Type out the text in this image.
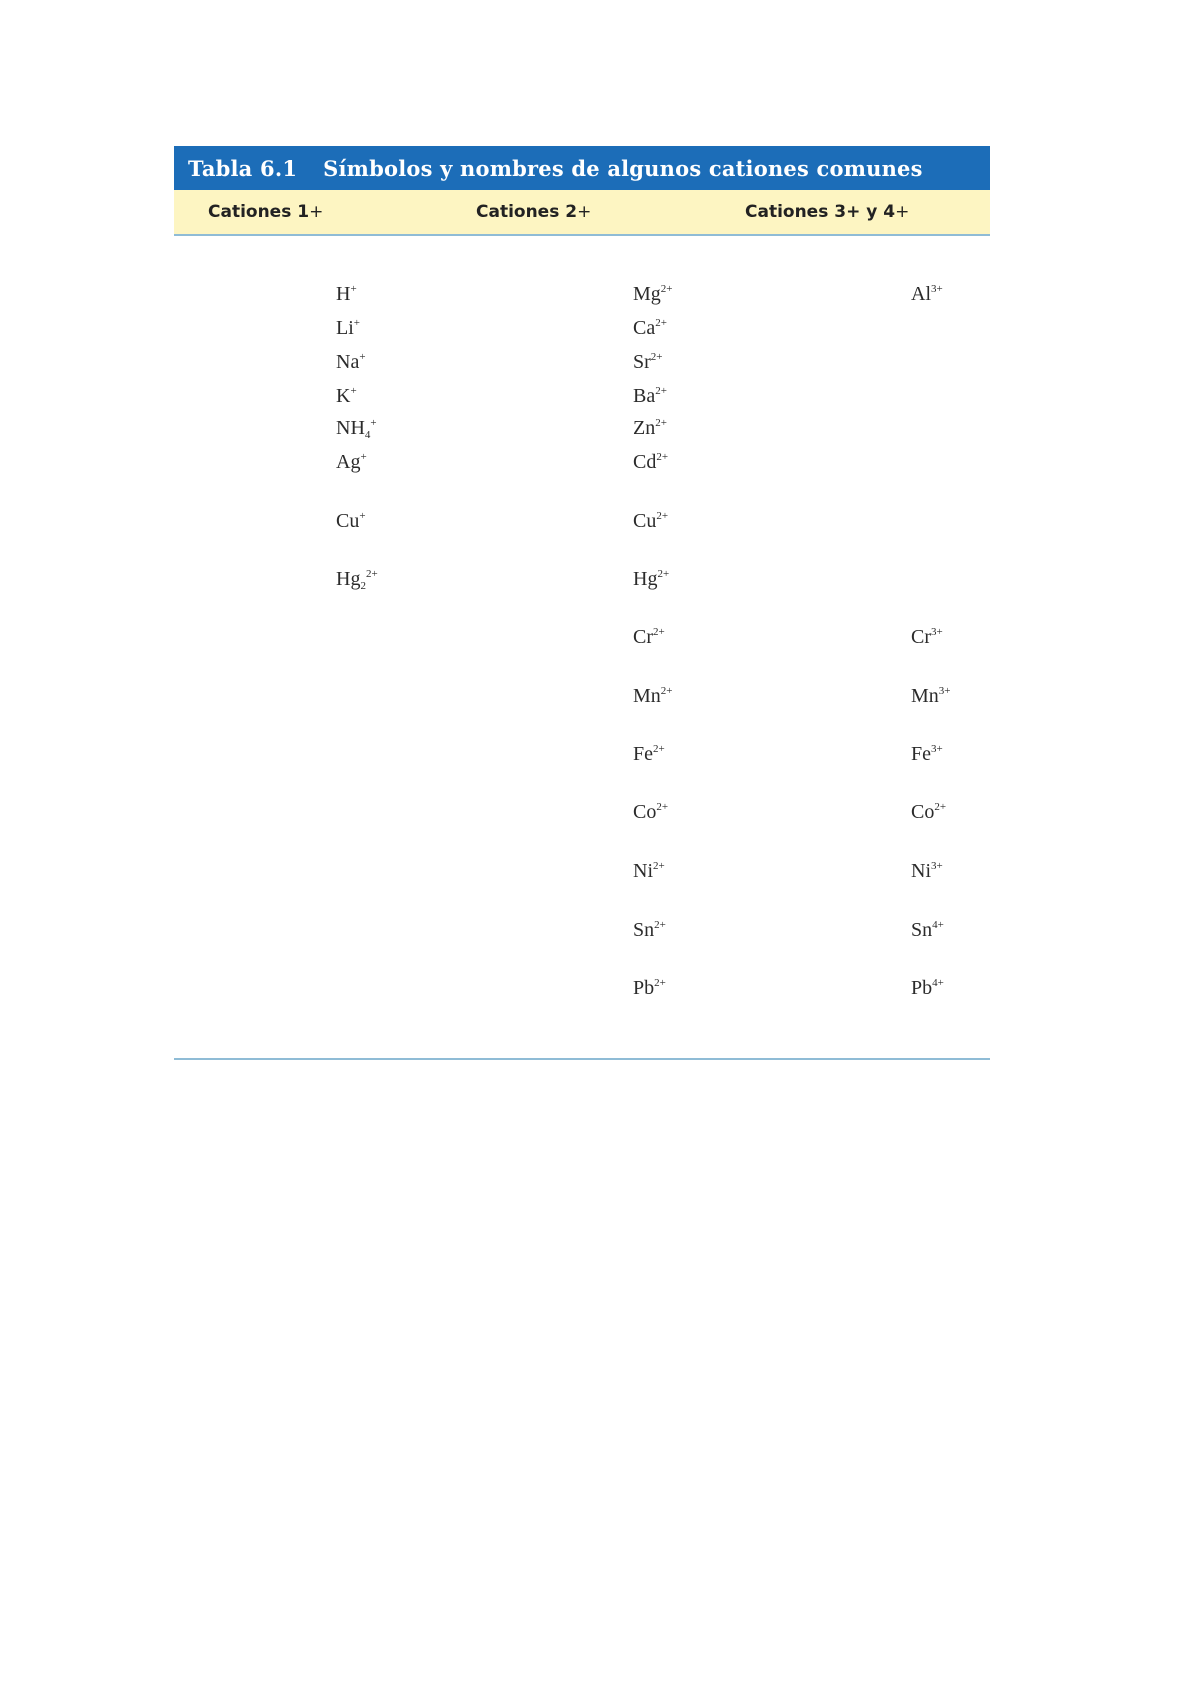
Tabla 6.1 Símbolos y nombres de algunos cationes comunes
Cationes 1+	Cationes 2+	Cationes 3+ y 4+
H+
Li+
Na+
K+
$NH_4^+$
Ag+
Cu+
$Hg_2^{2+}$
$Mg^{2+}$
$Ca^{2+}$
$Sr^{2+}$
$Ba^{2+}$
$Zn^{2+}$
$Cd^{2+}$
$Cu^{2+}$
$Hg^{2+}$
$Cr^{2+}$
$Mn^{2+}$
$Fe^{2+}$
$Co^{2+}$
$Ni^{2+}$
$Sn^{2+}$
$Pb^{2+}$
$Al^{3+}$
$Cr^{3+}$
$Mn^{3+}$
$Fe^{3+}$
$Co^{2+}$
$Ni^{3+}$
$Sn^{4+}$
$Pb^{4+}$
